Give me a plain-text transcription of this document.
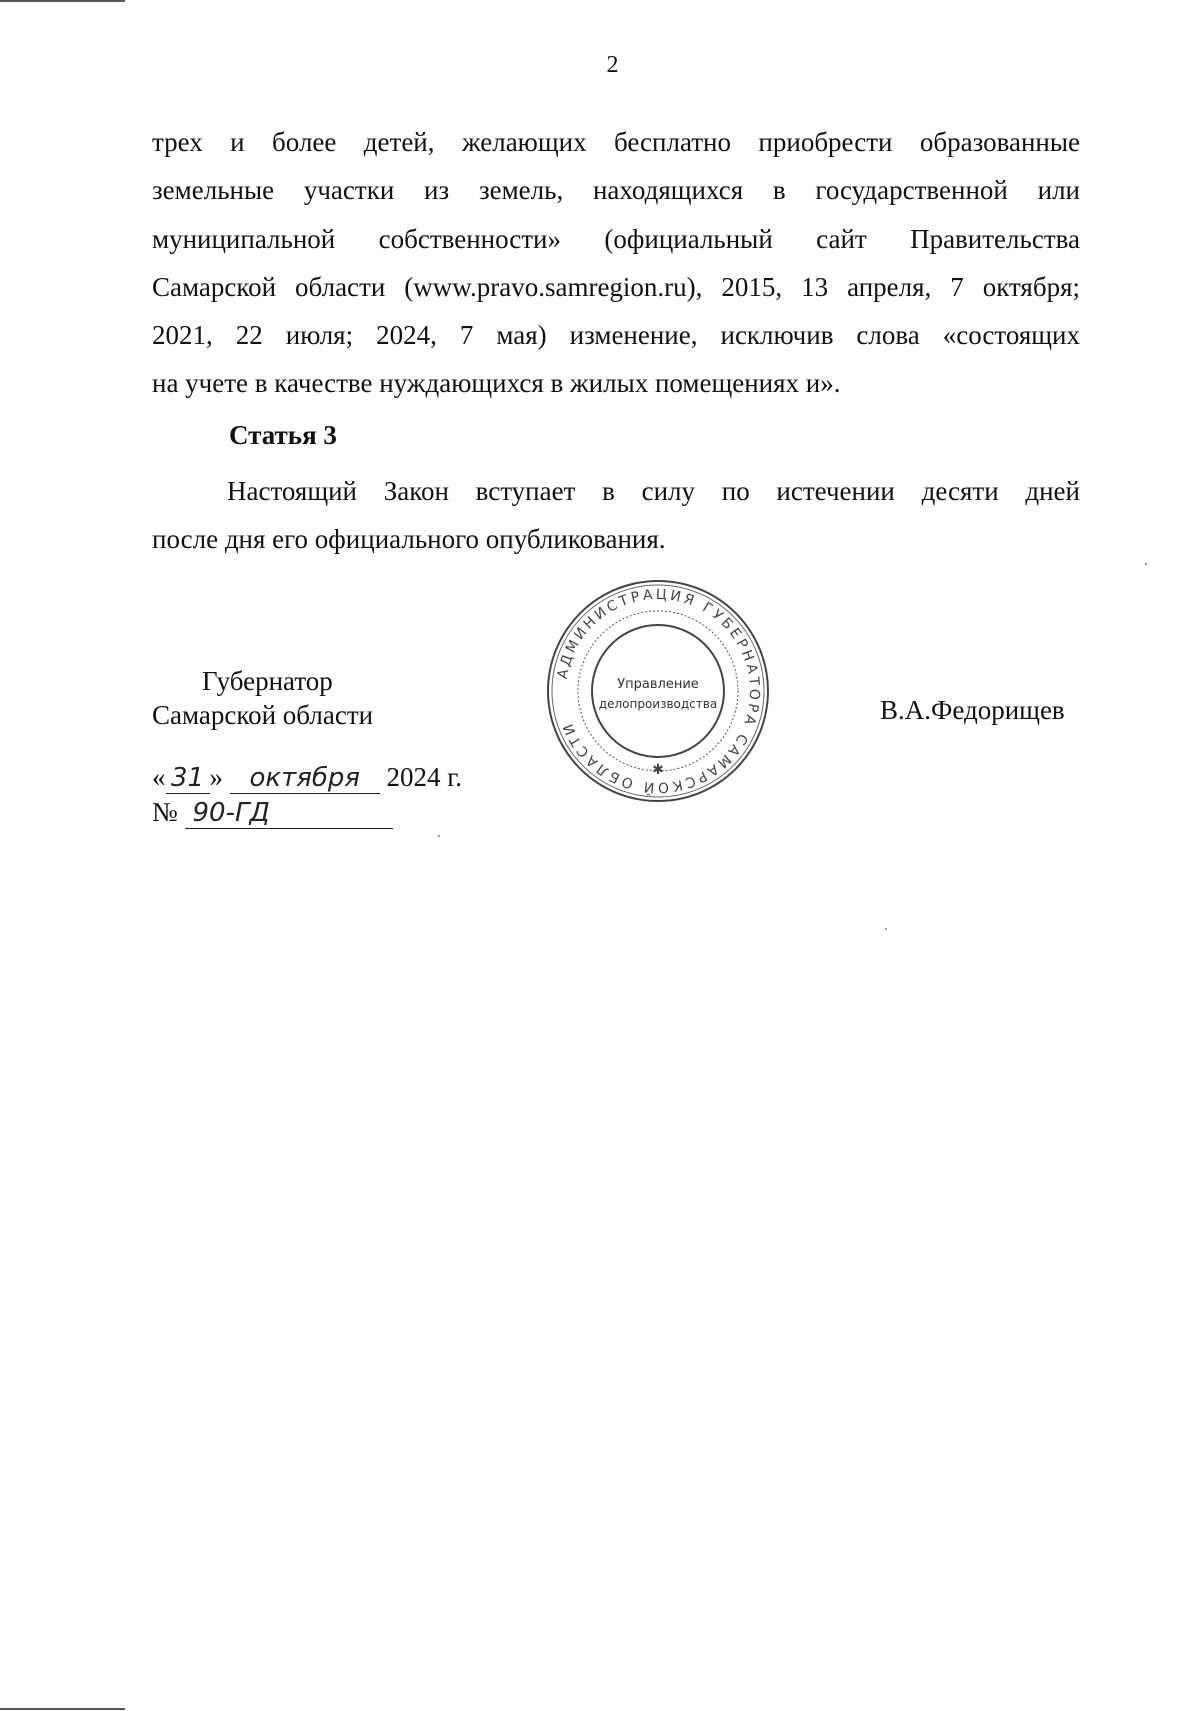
2
трех и более детей, желающих бесплатно приобрести образованные
земельные участки из земель, находящихся в государственной или
муниципальной собственности» (официальный сайт Правительства
Самарской области (www.pravo.samregion.ru), 2015, 13 апреля, 7 октября;
2021, 22 июля; 2024, 7 мая) изменение, исключив слова «состоящих
на учете в качестве нуждающихся в жилых помещениях и».
Статья 3
Настоящий Закон вступает в силу по истечении десяти дней
после дня его официального опубликования.
Губернатор
Самарской области
АДМИНИСТРАЦИЯ ГУБЕРНАТОРА САМАРСКОЙ ОБЛАСТИ
Управление
делопроизводства
✱
В.А.Федорищев
« 31 » октября 2024 г.
№ 90-ГД
